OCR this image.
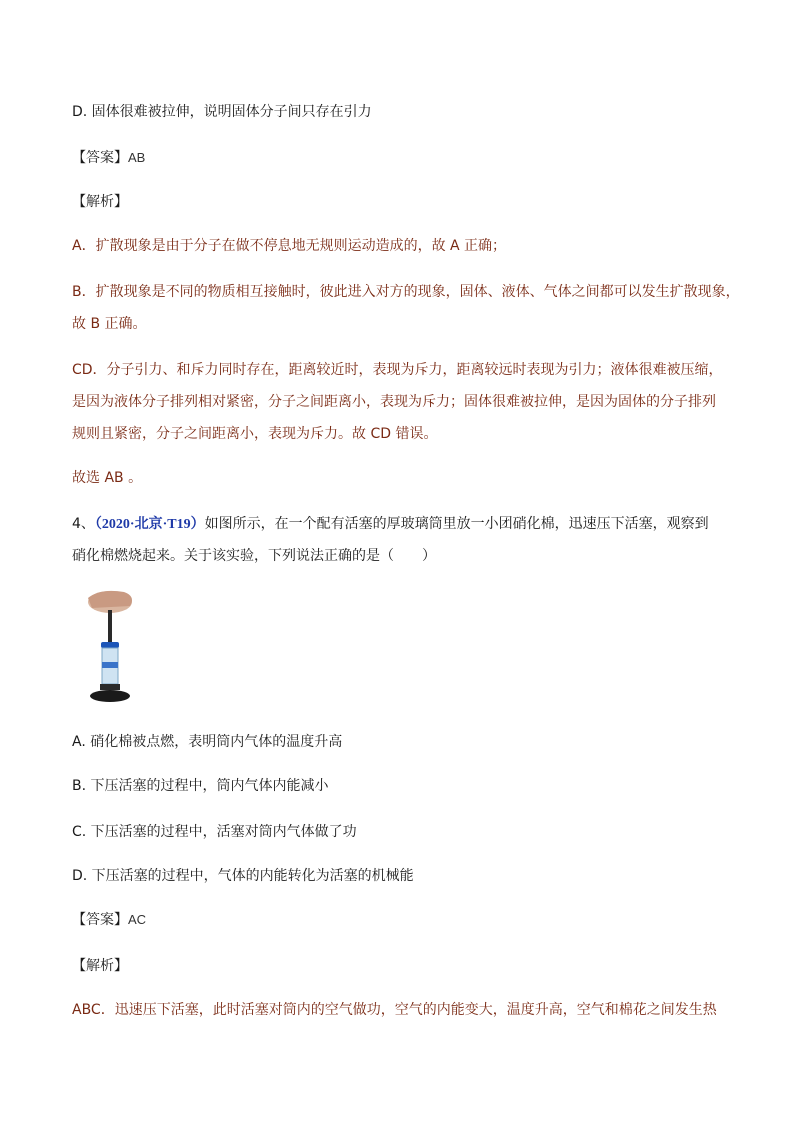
D. 固体很难被拉伸，说明固体分子间只存在引力
【答案】AB
【解析】
A．扩散现象是由于分子在做不停息地无规则运动造成的，故 A 正确；
B．扩散现象是不同的物质相互接触时，彼此进入对方的现象，固体、液体、气体之间都可以发生扩散现象，
故 B 正确。
CD．分子引力、和斥力同时存在，距离较近时，表现为斥力，距离较远时表现为引力；液体很难被压缩，
是因为液体分子排列相对紧密，分子之间距离小，表现为斥力；固体很难被拉伸，是因为固体的分子排列
规则且紧密，分子之间距离小，表现为斥力。故 CD 错误。
故选 AB 。
4、（2020·北京·T19）如图所示，在一个配有活塞的厚玻璃筒里放一小团硝化棉，迅速压下活塞，观察到
硝化棉燃烧起来。关于该实验，下列说法正确的是（　　）
A. 硝化棉被点燃，表明筒内气体的温度升高
B. 下压活塞的过程中，筒内气体内能减小
C. 下压活塞的过程中，活塞对筒内气体做了功
D. 下压活塞的过程中，气体的内能转化为活塞的机械能
【答案】AC
【解析】
ABC．迅速压下活塞，此时活塞对筒内的空气做功，空气的内能变大，温度升高，空气和棉花之间发生热
